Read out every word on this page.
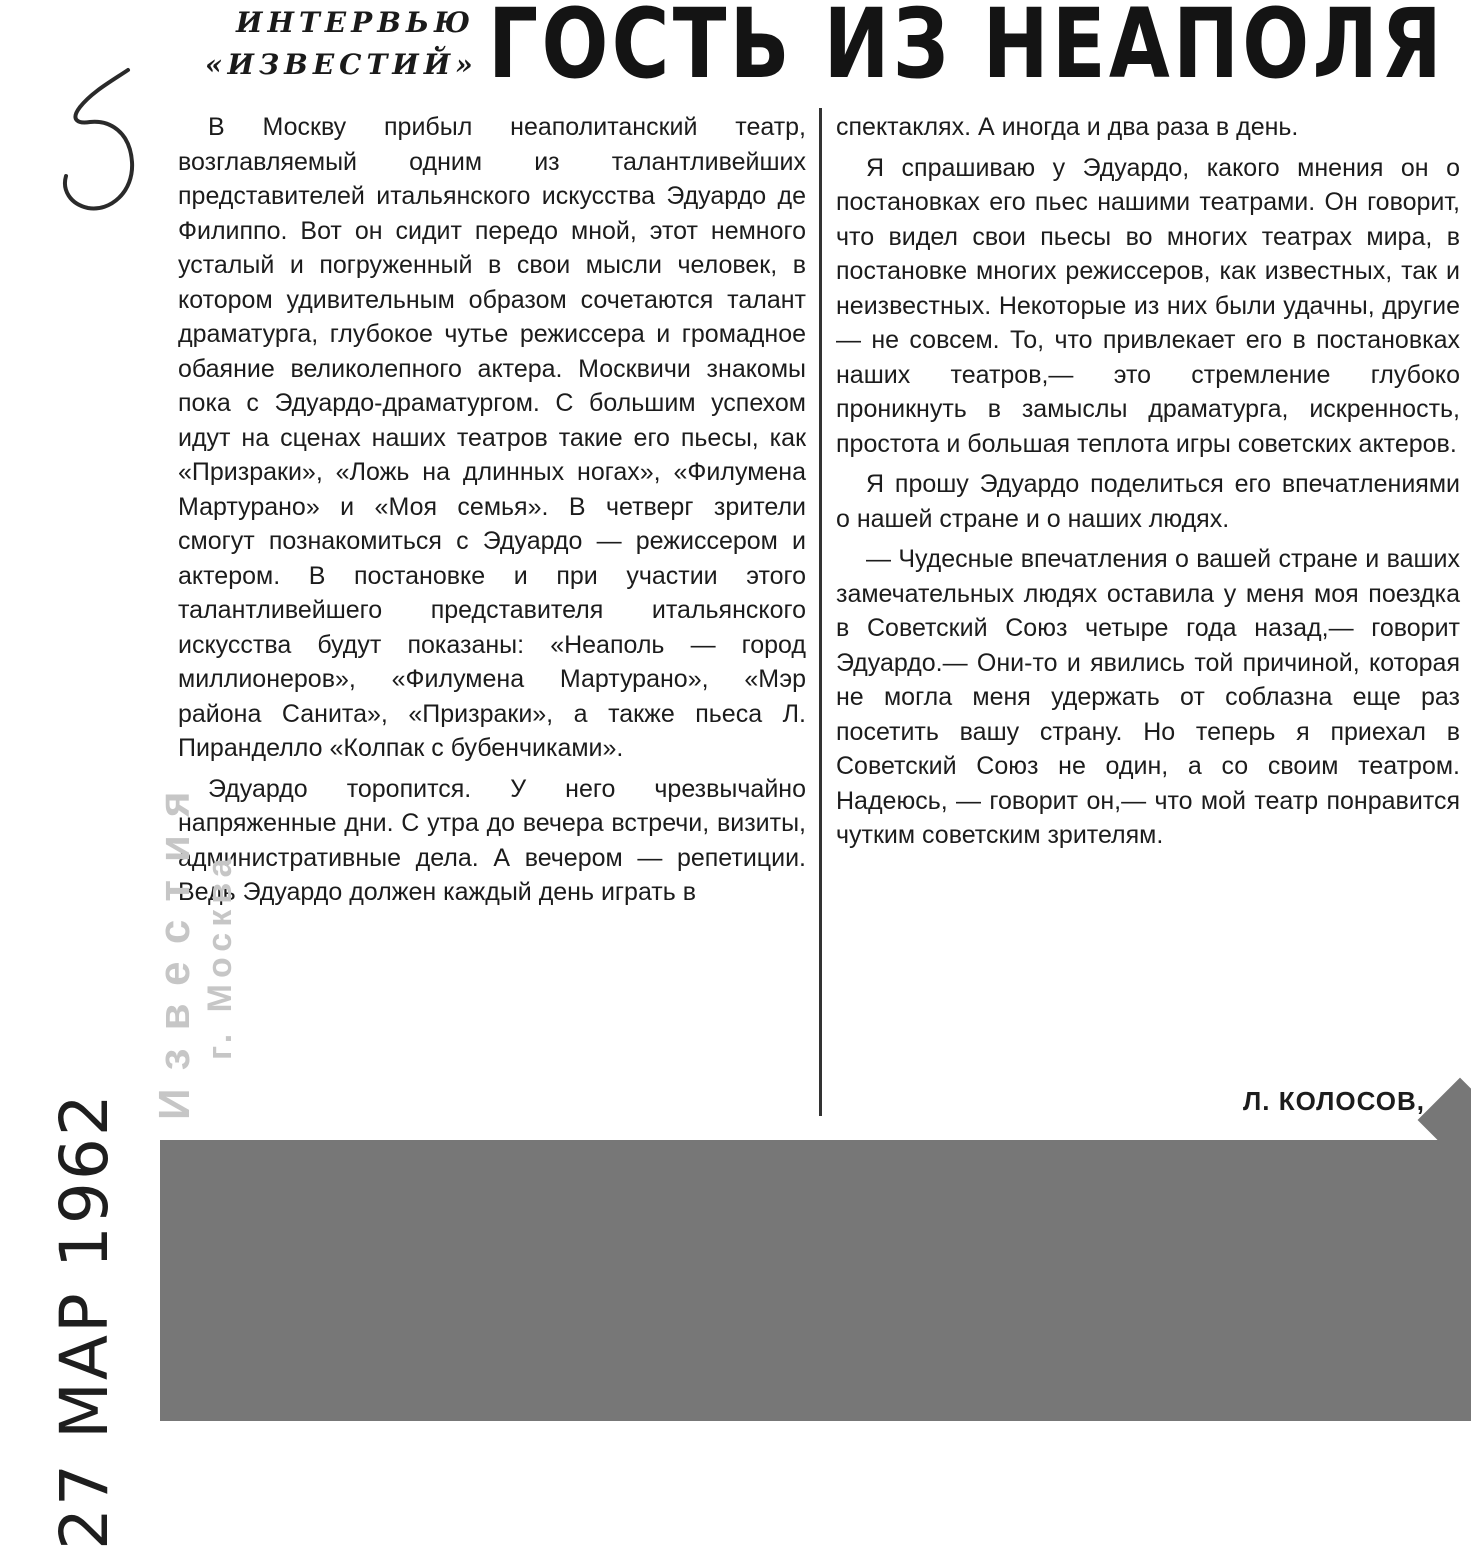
ИНТЕРВЬЮ
«ИЗВЕСТИЙ» ГОСТЬ ИЗ НЕАПОЛЯ

В Москву прибыл неаполитанский театр, возглавляемый одним из талантливейших представителей итальянского искусства Эдуардо де Филиппо. Вот он сидит передо мной, этот немного усталый и погруженный в свои мысли человек, в котором удивительным образом сочетаются талант драматурга, глубокое чутье режиссера и громадное обаяние великолепного актера. Москвичи знакомы пока с Эдуардо-драматургом. С большим успехом идут на сценах наших театров такие его пьесы, как «Призраки», «Ложь на длинных ногах», «Филумена Мартурано» и «Моя семья». В четверг зрители смогут познакомиться с Эдуардо — режиссером и актером. В постановке и при участии этого талантливейшего представителя итальянского искусства будут показаны: «Неаполь — город миллионеров», «Филумена Мартурано», «Мэр района Санита», «Призраки», а также пьеса Л. Пиранделло «Колпак с бубенчиками».

Эдуардо торопится. У него чрезвычайно напряженные дни. С утра до вечера встречи, визиты, административные дела. А вечером — репетиции. Ведь Эдуардо должен каждый день играть в

спектаклях. А иногда и два раза в день.

Я спрашиваю у Эдуардо, какого мнения он о постановках его пьес нашими театрами. Он говорит, что видел свои пьесы во многих театрах мира, в постановке многих режиссеров, как известных, так и неизвестных. Некоторые из них были удачны, другие — не совсем. То, что привлекает его в постановках наших театров,— это стремление глубоко проникнуть в замыслы драматурга, искренность, простота и большая теплота игры советских актеров.

Я прошу Эдуардо поделиться его впечатлениями о нашей стране и о наших людях.

— Чудесные впечатления о вашей стране и ваших замечательных людях оставила у меня моя поездка в Советский Союз четыре года назад,— говорит Эдуардо.— Они-то и явились той причиной, которая не могла меня удержать от соблазна еще раз посетить вашу страну. Но теперь я приехал в Советский Союз не один, а со своим театром. Надеюсь, — говорит он,— что мой театр понравится чутким советским зрителям.

Л. КОЛОСОВ,
Известия г. Москва
27 МАР 1962
